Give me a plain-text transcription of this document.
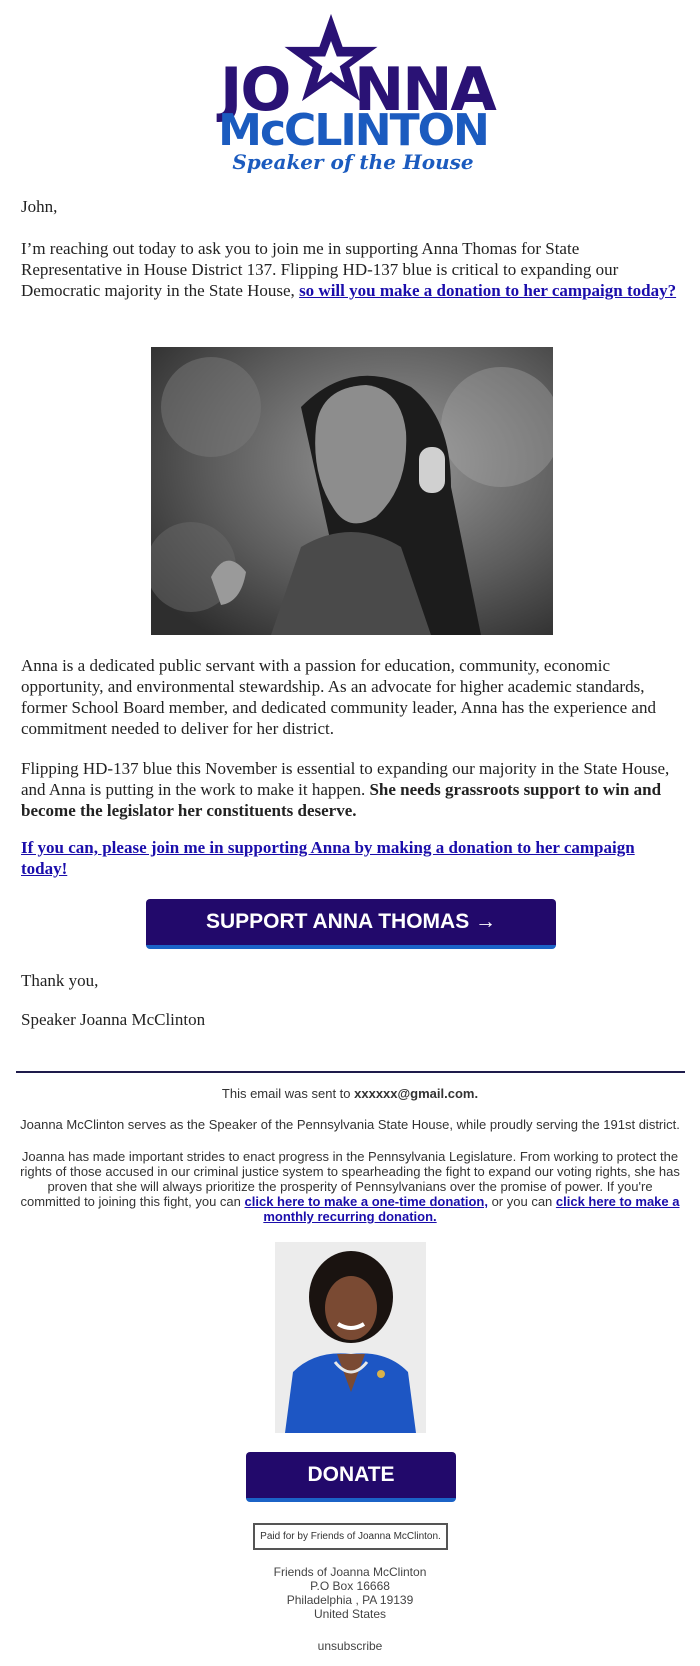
JO NNA
McCLINTON
Speaker of the House

John,

I’m reaching out today to ask you to join me in supporting Anna Thomas for State Representative in House District 137. Flipping HD-137 blue is critical to expanding our Democratic majority in the State House, so will you make a donation to her campaign today?

Anna is a dedicated public servant with a passion for education, community, economic opportunity, and environmental stewardship. As an advocate for higher academic standards, former School Board member, and dedicated community leader, Anna has the experience and commitment needed to deliver for her district.

Flipping HD-137 blue this November is essential to expanding our majority in the State House, and Anna is putting in the work to make it happen. She needs grassroots support to win and become the legislator her constituents deserve.

If you can, please join me in supporting Anna by making a donation to her campaign today!

SUPPORT ANNA THOMAS →

Thank you,

Speaker Joanna McClinton

This email was sent to xxxxxx@gmail.com.

Joanna McClinton serves as the Speaker of the Pennsylvania State House, while proudly serving the 191st district.

Joanna has made important strides to enact progress in the Pennsylvania Legislature. From working to protect the rights of those accused in our criminal justice system to spearheading the fight to expand our voting rights, she has proven that she will always prioritize the prosperity of Pennsylvanians over the promise of power. If you're committed to joining this fight, you can click here to make a one-time donation, or you can click here to make a monthly recurring donation.

DONATE
Paid for by Friends of Joanna McClinton.
Friends of Joanna McClinton
P.O Box 16668
Philadelphia , PA 19139
United States
unsubscribe
